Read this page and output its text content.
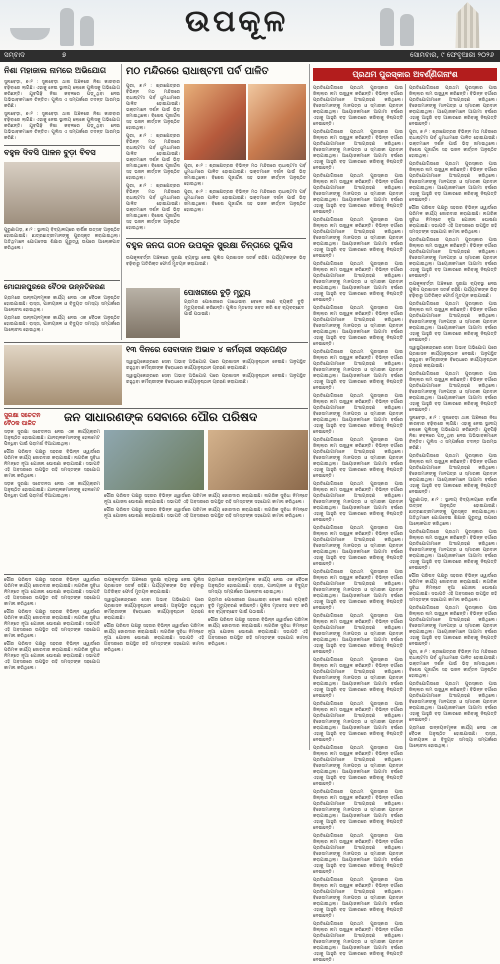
ଉପକୂଳ
ସମ୍ବାଦ	୭	ସୋମବାର, ୯ ଫେବୃଆରୀ ୨୦୨୬
ନିଶା ମହାଜାଲ ନାମରେ ଅଭିଯୋଗ

ସୁନାବେଡ଼ା, ୭।୨ : ସୁନାବେଡ଼ା ଥାନା ଅଞ୍ଚଳରେ ନିଶା କାରବାର ବଢ଼ିବାରେ ଲାଗିଛି। ଏହାକୁ ନେଇ ସ୍ଥାନୀୟ ଲୋକେ ପୁଲିସକୁ ଅଭିଯୋଗ କରିଛନ୍ତି। ଯୁବପିଢ଼ି ନିଶା କବଳରେ ପଡ଼ୁଥିବା ନେଇ ଅଭିଭାବକମାନେ ଚିନ୍ତିତ। ପୁଲିସ ଏ ସମ୍ପର୍କରେ ତଦନ୍ତ ଆରମ୍ଭ କରିଛି।

ସୁନାବେଡ଼ା, ୭।୨ : ସୁନାବେଡ଼ା ଥାନା ଅଞ୍ଚଳରେ ନିଶା କାରବାର ବଢ଼ିବାରେ ଲାଗିଛି। ଏହାକୁ ନେଇ ସ୍ଥାନୀୟ ଲୋକେ ପୁଲିସକୁ ଅଭିଯୋଗ କରିଛନ୍ତି। ଯୁବପିଢ଼ି ନିଶା କବଳରେ ପଡ଼ୁଥିବା ନେଇ ଅଭିଭାବକମାନେ ଚିନ୍ତିତ। ପୁଲିସ ଏ ସମ୍ପର୍କରେ ତଦନ୍ତ ଆରମ୍ଭ କରିଛି।

ବହୁଳ ଦିବସି ପାଳନ ବୁଡ଼ା ବିବସ

ପୁରୁଣାଗଡ଼, ୭।୨ : ସ୍ଥାନୀୟ ବିଦ୍ୟାଳୟରେ ବାର୍ଷିକ ଉତ୍ସବ ଅନୁଷ୍ଠିତ ହୋଇଯାଇଛି। ଛାତ୍ରଛାତ୍ରୀମାନଙ୍କୁ ପୁରସ୍କୃତ କରାଯାଇଥିଲା। ଅତିଥିମାନେ ଯୋଗଦେଇ ଶିକ୍ଷାର ଗୁରୁତ୍ୱ ଉପରେ ଆଲୋକପାତ କରିଥିଲେ।

ମୋଗାଳପୁରରେ ବୈଠକ ଉନ୍ନତିକରଣ

ଗ୍ରାମରେ ଉନ୍ନୟନମୂଳକ କାର୍ଯ୍ୟ ନେଇ ଏକ ବୈଠକ ଅନୁଷ୍ଠିତ ହୋଇଯାଇଛି। ରାସ୍ତା, ପାନୀୟଜଳ ଓ ବିଦ୍ୟୁତ ସମସ୍ୟା ସମ୍ପର୍କରେ ଆଲୋଚନା ହୋଇଥିଲା।

ଗ୍ରାମରେ ଉନ୍ନୟନମୂଳକ କାର୍ଯ୍ୟ ନେଇ ଏକ ବୈଠକ ଅନୁଷ୍ଠିତ ହୋଇଯାଇଛି। ରାସ୍ତା, ପାନୀୟଜଳ ଓ ବିଦ୍ୟୁତ ସମସ୍ୟା ସମ୍ପର୍କରେ ଆଲୋଚନା ହୋଇଥିଲା।

ମଠ ମନ୍ଦିରରେ ରାଧାଷ୍ଟମୀ ପର୍ବ ପାଳିତ

ପୁରୀ, ୭।୨ : ଶ୍ରୀକ୍ଷେତ୍ରର ବିଭିନ୍ନ ମଠ ମନ୍ଦିରରେ ରାଧାଷ୍ଟମୀ ପର୍ବ ଧୁମଧାମରେ ପାଳିତ ହୋଇଯାଇଛି। ଭକ୍ତମାନେ ଦର୍ଶନ ପାଇଁ ଭିଡ଼ ଜମାଇଥିଲେ। ବିଶେଷ ପୂଜାର୍ଚ୍ଚନା ସହ ଭଜନ କୀର୍ତ୍ତନ ଅନୁଷ୍ଠିତ ହୋଇଥିଲା।

ପୁରୀ, ୭।୨ : ଶ୍ରୀକ୍ଷେତ୍ରର ବିଭିନ୍ନ ମଠ ମନ୍ଦିରରେ ରାଧାଷ୍ଟମୀ ପର୍ବ ଧୁମଧାମରେ ପାଳିତ ହୋଇଯାଇଛି। ଭକ୍ତମାନେ ଦର୍ଶନ ପାଇଁ ଭିଡ଼ ଜମାଇଥିଲେ। ବିଶେଷ ପୂଜାର୍ଚ୍ଚନା ସହ ଭଜନ କୀର୍ତ୍ତନ ଅନୁଷ୍ଠିତ ହୋଇଥିଲା।

ପୁରୀ, ୭।୨ : ଶ୍ରୀକ୍ଷେତ୍ରର ବିଭିନ୍ନ ମଠ ମନ୍ଦିରରେ ରାଧାଷ୍ଟମୀ ପର୍ବ ଧୁମଧାମରେ ପାଳିତ ହୋଇଯାଇଛି। ଭକ୍ତମାନେ ଦର୍ଶନ ପାଇଁ ଭିଡ଼ ଜମାଇଥିଲେ। ବିଶେଷ ପୂଜାର୍ଚ୍ଚନା ସହ ଭଜନ କୀର୍ତ୍ତନ ଅନୁଷ୍ଠିତ ହୋଇଥିଲା।

ପୁରୀ, ୭।୨ : ଶ୍ରୀକ୍ଷେତ୍ରର ବିଭିନ୍ନ ମଠ ମନ୍ଦିରରେ ରାଧାଷ୍ଟମୀ ପର୍ବ ଧୁମଧାମରେ ପାଳିତ ହୋଇଯାଇଛି। ଭକ୍ତମାନେ ଦର୍ଶନ ପାଇଁ ଭିଡ଼ ଜମାଇଥିଲେ। ବିଶେଷ ପୂଜାର୍ଚ୍ଚନା ସହ ଭଜନ କୀର୍ତ୍ତନ ଅନୁଷ୍ଠିତ ହୋଇଥିଲା।

ପୁରୀ, ୭।୨ : ଶ୍ରୀକ୍ଷେତ୍ରର ବିଭିନ୍ନ ମଠ ମନ୍ଦିରରେ ରାଧାଷ୍ଟମୀ ପର୍ବ ଧୁମଧାମରେ ପାଳିତ ହୋଇଯାଇଛି। ଭକ୍ତମାନେ ଦର୍ଶନ ପାଇଁ ଭିଡ଼ ଜମାଇଥିଲେ। ବିଶେଷ ପୂଜାର୍ଚ୍ଚନା ସହ ଭଜନ କୀର୍ତ୍ତନ ଅନୁଷ୍ଠିତ ହୋଇଥିଲା।

ବହୁଳ ଜନତା ଗଠନ ଉପକୂଳ ସୁରକ୍ଷା ଚିନ୍ତାରେ ପୁଲିସ

ଉପକୂଳବର୍ତ୍ତୀ ଅଞ୍ଚଳରେ ସୁରକ୍ଷା ବ୍ୟବସ୍ଥା ନେଇ ପୁଲିସ ପ୍ରଶାସନ ସତର୍କ ରହିଛି। ପର୍ଯ୍ୟଟକଙ୍କ ଭିଡ଼ ବଢ଼ିବାରୁ ଅତିରିକ୍ତ ଫୋର୍ସ ମୁତୟନ କରାଯାଇଛି।

ପୋଖରୀରେ ବୁଡ଼ି ମୃତ୍ୟୁ

ଗ୍ରାମର ପୋଖରୀରେ ଗାଧୋଇବା ବେଳେ ଜଣେ ବ୍ୟକ୍ତି ବୁଡ଼ି ମୃତ୍ୟୁବରଣ କରିଛନ୍ତି। ପୁଲିସ ମୃତଦେହ ଜବତ କରି ଶବ ବ୍ୟବଚ୍ଛେଦ ପାଇଁ ପଠାଇଛି।

୧୩ ଦିନରେ ସେବାଦାନ ଅଭାବ ୪ କର୍ମଚାରୀ ସସ୍ପେଣ୍ଡ

ସ୍ୱାସ୍ଥ୍ୟକେନ୍ଦ୍ରରେ ସେବା ଅଭାବ ଅଭିଯୋଗ ପରେ ପ୍ରଶାସନ କାର୍ଯ୍ୟାନୁଷ୍ଠାନ ନେଇଛି। ଅନୁପସ୍ଥିତ ରହୁଥିବା କର୍ମଚାରୀଙ୍କ ବିରୋଧରେ କାର୍ଯ୍ୟାନୁଷ୍ଠାନ ଗ୍ରହଣ କରାଯାଇଛି।

ସ୍ୱାସ୍ଥ୍ୟକେନ୍ଦ୍ରରେ ସେବା ଅଭାବ ଅଭିଯୋଗ ପରେ ପ୍ରଶାସନ କାର୍ଯ୍ୟାନୁଷ୍ଠାନ ନେଇଛି। ଅନୁପସ୍ଥିତ ରହୁଥିବା କର୍ମଚାରୀଙ୍କ ବିରୋଧରେ କାର୍ଯ୍ୟାନୁଷ୍ଠାନ ଗ୍ରହଣ କରାଯାଇଛି।

ସୁରକ୍ଷା ସଚେତନ ବୈଠକ ପାଳିତ	ଜନ ସାଧାରଣଙ୍କ ସେବାରେ ପୌର ପରିଷଦ

ସଡ଼କ ସୁରକ୍ଷା ସଚେତନତା ନେଇ ଏକ କାର୍ଯ୍ୟକ୍ରମ ଅନୁଷ୍ଠିତ ହୋଇଯାଇଛି। ଯାନଚାଳକମାନଙ୍କୁ ହେଲମେଟ ପିନ୍ଧିବା ପାଇଁ ପରାମର୍ଶ ଦିଆଯାଇଥିଲା।

ପୌର ପରିଷଦ ପକ୍ଷରୁ ସହରର ବିଭିନ୍ନ ଓ୍ୱାର୍ଡରେ ପରିମଳ କାର୍ଯ୍ୟ ଜୋରଦାର କରାଯାଇଛି। ନାଗରିକ ସୁବିଧା ନିମନ୍ତେ ନୂଆ ଯୋଜନା ଘୋଷଣା କରାଯାଇଛି। ସଭାପତି ଏହି ଅବସରରେ ଉପସ୍ଥିତ ରହି ସମସ୍ତଙ୍କ ସହଯୋଗ କାମନା କରିଥିଲେ।

ସଡ଼କ ସୁରକ୍ଷା ସଚେତନତା ନେଇ ଏକ କାର୍ଯ୍ୟକ୍ରମ ଅନୁଷ୍ଠିତ ହୋଇଯାଇଛି। ଯାନଚାଳକମାନଙ୍କୁ ହେଲମେଟ ପିନ୍ଧିବା ପାଇଁ ପରାମର୍ଶ ଦିଆଯାଇଥିଲା।	ପୌର ପରିଷଦ ପକ୍ଷରୁ ସହରର ବିଭିନ୍ନ ଓ୍ୱାର୍ଡରେ ପରିମଳ କାର୍ଯ୍ୟ ଜୋରଦାର କରାଯାଇଛି। ନାଗରିକ ସୁବିଧା ନିମନ୍ତେ ନୂଆ ଯୋଜନା ଘୋଷଣା କରାଯାଇଛି। ସଭାପତି ଏହି ଅବସରରେ ଉପସ୍ଥିତ ରହି ସମସ୍ତଙ୍କ ସହଯୋଗ କାମନା କରିଥିଲେ।

ପୌର ପରିଷଦ ପକ୍ଷରୁ ସହରର ବିଭିନ୍ନ ଓ୍ୱାର୍ଡରେ ପରିମଳ କାର୍ଯ୍ୟ ଜୋରଦାର କରାଯାଇଛି। ନାଗରିକ ସୁବିଧା ନିମନ୍ତେ ନୂଆ ଯୋଜନା ଘୋଷଣା କରାଯାଇଛି। ସଭାପତି ଏହି ଅବସରରେ ଉପସ୍ଥିତ ରହି ସମସ୍ତଙ୍କ ସହଯୋଗ କାମନା କରିଥିଲେ।

ପୌର ପରିଷଦ ପକ୍ଷରୁ ସହରର ବିଭିନ୍ନ ଓ୍ୱାର୍ଡରେ ପରିମଳ କାର୍ଯ୍ୟ ଜୋରଦାର କରାଯାଇଛି। ନାଗରିକ ସୁବିଧା ନିମନ୍ତେ ନୂଆ ଯୋଜନା ଘୋଷଣା କରାଯାଇଛି। ସଭାପତି ଏହି ଅବସରରେ ଉପସ୍ଥିତ ରହି ସମସ୍ତଙ୍କ ସହଯୋଗ କାମନା କରିଥିଲେ।

ପୌର ପରିଷଦ ପକ୍ଷରୁ ସହରର ବିଭିନ୍ନ ଓ୍ୱାର୍ଡରେ ପରିମଳ କାର୍ଯ୍ୟ ଜୋରଦାର କରାଯାଇଛି। ନାଗରିକ ସୁବିଧା ନିମନ୍ତେ ନୂଆ ଯୋଜନା ଘୋଷଣା କରାଯାଇଛି। ସଭାପତି ଏହି ଅବସରରେ ଉପସ୍ଥିତ ରହି ସମସ୍ତଙ୍କ ସହଯୋଗ କାମନା କରିଥିଲେ।

ପୌର ପରିଷଦ ପକ୍ଷରୁ ସହରର ବିଭିନ୍ନ ଓ୍ୱାର୍ଡରେ ପରିମଳ କାର୍ଯ୍ୟ ଜୋରଦାର କରାଯାଇଛି। ନାଗରିକ ସୁବିଧା ନିମନ୍ତେ ନୂଆ ଯୋଜନା ଘୋଷଣା କରାଯାଇଛି। ସଭାପତି ଏହି ଅବସରରେ ଉପସ୍ଥିତ ରହି ସମସ୍ତଙ୍କ ସହଯୋଗ କାମନା କରିଥିଲେ।

ଉପକୂଳବର୍ତ୍ତୀ ଅଞ୍ଚଳରେ ସୁରକ୍ଷା ବ୍ୟବସ୍ଥା ନେଇ ପୁଲିସ ପ୍ରଶାସନ ସତର୍କ ରହିଛି। ପର୍ଯ୍ୟଟକଙ୍କ ଭିଡ଼ ବଢ଼ିବାରୁ ଅତିରିକ୍ତ ଫୋର୍ସ ମୁତୟନ କରାଯାଇଛି।

ସ୍ୱାସ୍ଥ୍ୟକେନ୍ଦ୍ରରେ ସେବା ଅଭାବ ଅଭିଯୋଗ ପରେ ପ୍ରଶାସନ କାର୍ଯ୍ୟାନୁଷ୍ଠାନ ନେଇଛି। ଅନୁପସ୍ଥିତ ରହୁଥିବା କର୍ମଚାରୀଙ୍କ ବିରୋଧରେ କାର୍ଯ୍ୟାନୁଷ୍ଠାନ ଗ୍ରହଣ କରାଯାଇଛି।

ପୌର ପରିଷଦ ପକ୍ଷରୁ ସହରର ବିଭିନ୍ନ ଓ୍ୱାର୍ଡରେ ପରିମଳ କାର୍ଯ୍ୟ ଜୋରଦାର କରାଯାଇଛି। ନାଗରିକ ସୁବିଧା ନିମନ୍ତେ ନୂଆ ଯୋଜନା ଘୋଷଣା କରାଯାଇଛି। ସଭାପତି ଏହି ଅବସରରେ ଉପସ୍ଥିତ ରହି ସମସ୍ତଙ୍କ ସହଯୋଗ କାମନା କରିଥିଲେ।

ଗ୍ରାମରେ ଉନ୍ନୟନମୂଳକ କାର୍ଯ୍ୟ ନେଇ ଏକ ବୈଠକ ଅନୁଷ୍ଠିତ ହୋଇଯାଇଛି। ରାସ୍ତା, ପାନୀୟଜଳ ଓ ବିଦ୍ୟୁତ ସମସ୍ୟା ସମ୍ପର୍କରେ ଆଲୋଚନା ହୋଇଥିଲା।

ଗ୍ରାମର ପୋଖରୀରେ ଗାଧୋଇବା ବେଳେ ଜଣେ ବ୍ୟକ୍ତି ବୁଡ଼ି ମୃତ୍ୟୁବରଣ କରିଛନ୍ତି। ପୁଲିସ ମୃତଦେହ ଜବତ କରି ଶବ ବ୍ୟବଚ୍ଛେଦ ପାଇଁ ପଠାଇଛି।

ପୌର ପରିଷଦ ପକ୍ଷରୁ ସହରର ବିଭିନ୍ନ ଓ୍ୱାର୍ଡରେ ପରିମଳ କାର୍ଯ୍ୟ ଜୋରଦାର କରାଯାଇଛି। ନାଗରିକ ସୁବିଧା ନିମନ୍ତେ ନୂଆ ଯୋଜନା ଘୋଷଣା କରାଯାଇଛି। ସଭାପତି ଏହି ଅବସରରେ ଉପସ୍ଥିତ ରହି ସମସ୍ତଙ୍କ ସହଯୋଗ କାମନା କରିଥିଲେ।

ପ୍ରଥମ ପୁରସ୍କାର ଅବର୍ଣ୍ଣିଗନାଂଶ

ପ୍ରତିଯୋଗିତାରେ ପ୍ରଥମ ପୁରସ୍କାର ପାଇ ଜିଲ୍ଲାର ନାମ ଉଜ୍ଜ୍ୱଳ କରିଛନ୍ତି। ବିଭିନ୍ନ ବର୍ଗରେ ପ୍ରତିଯୋଗୀମାନେ ଅଂଶଗ୍ରହଣ କରିଥିଲେ। ବିଜେତାମାନଙ୍କୁ ମାନପତ୍ର ଓ ସ୍ମାରକୀ ପ୍ରଦାନ କରାଯାଇଥିଲା। ଆୟୋଜକମାନେ ଆଗାମୀ ବର୍ଷରେ ଏହାକୁ ଆହୁରି ବଡ଼ ଆକାରରେ କରିବାକୁ ନିଷ୍ପତ୍ତି ନେଇଛନ୍ତି।

ପ୍ରତିଯୋଗିତାରେ ପ୍ରଥମ ପୁରସ୍କାର ପାଇ ଜିଲ୍ଲାର ନାମ ଉଜ୍ଜ୍ୱଳ କରିଛନ୍ତି। ବିଭିନ୍ନ ବର୍ଗରେ ପ୍ରତିଯୋଗୀମାନେ ଅଂଶଗ୍ରହଣ କରିଥିଲେ। ବିଜେତାମାନଙ୍କୁ ମାନପତ୍ର ଓ ସ୍ମାରକୀ ପ୍ରଦାନ କରାଯାଇଥିଲା। ଆୟୋଜକମାନେ ଆଗାମୀ ବର୍ଷରେ ଏହାକୁ ଆହୁରି ବଡ଼ ଆକାରରେ କରିବାକୁ ନିଷ୍ପତ୍ତି ନେଇଛନ୍ତି।

ପ୍ରତିଯୋଗିତାରେ ପ୍ରଥମ ପୁରସ୍କାର ପାଇ ଜିଲ୍ଲାର ନାମ ଉଜ୍ଜ୍ୱଳ କରିଛନ୍ତି। ବିଭିନ୍ନ ବର୍ଗରେ ପ୍ରତିଯୋଗୀମାନେ ଅଂଶଗ୍ରହଣ କରିଥିଲେ। ବିଜେତାମାନଙ୍କୁ ମାନପତ୍ର ଓ ସ୍ମାରକୀ ପ୍ରଦାନ କରାଯାଇଥିଲା। ଆୟୋଜକମାନେ ଆଗାମୀ ବର୍ଷରେ ଏହାକୁ ଆହୁରି ବଡ଼ ଆକାରରେ କରିବାକୁ ନିଷ୍ପତ୍ତି ନେଇଛନ୍ତି।

ପ୍ରତିଯୋଗିତାରେ ପ୍ରଥମ ପୁରସ୍କାର ପାଇ ଜିଲ୍ଲାର ନାମ ଉଜ୍ଜ୍ୱଳ କରିଛନ୍ତି। ବିଭିନ୍ନ ବର୍ଗରେ ପ୍ରତିଯୋଗୀମାନେ ଅଂଶଗ୍ରହଣ କରିଥିଲେ। ବିଜେତାମାନଙ୍କୁ ମାନପତ୍ର ଓ ସ୍ମାରକୀ ପ୍ରଦାନ କରାଯାଇଥିଲା। ଆୟୋଜକମାନେ ଆଗାମୀ ବର୍ଷରେ ଏହାକୁ ଆହୁରି ବଡ଼ ଆକାରରେ କରିବାକୁ ନିଷ୍ପତ୍ତି ନେଇଛନ୍ତି।

ପ୍ରତିଯୋଗିତାରେ ପ୍ରଥମ ପୁରସ୍କାର ପାଇ ଜିଲ୍ଲାର ନାମ ଉଜ୍ଜ୍ୱଳ କରିଛନ୍ତି। ବିଭିନ୍ନ ବର୍ଗରେ ପ୍ରତିଯୋଗୀମାନେ ଅଂଶଗ୍ରହଣ କରିଥିଲେ। ବିଜେତାମାନଙ୍କୁ ମାନପତ୍ର ଓ ସ୍ମାରକୀ ପ୍ରଦାନ କରାଯାଇଥିଲା। ଆୟୋଜକମାନେ ଆଗାମୀ ବର୍ଷରେ ଏହାକୁ ଆହୁରି ବଡ଼ ଆକାରରେ କରିବାକୁ ନିଷ୍ପତ୍ତି ନେଇଛନ୍ତି।

ପ୍ରତିଯୋଗିତାରେ ପ୍ରଥମ ପୁରସ୍କାର ପାଇ ଜିଲ୍ଲାର ନାମ ଉଜ୍ଜ୍ୱଳ କରିଛନ୍ତି। ବିଭିନ୍ନ ବର୍ଗରେ ପ୍ରତିଯୋଗୀମାନେ ଅଂଶଗ୍ରହଣ କରିଥିଲେ। ବିଜେତାମାନଙ୍କୁ ମାନପତ୍ର ଓ ସ୍ମାରକୀ ପ୍ରଦାନ କରାଯାଇଥିଲା। ଆୟୋଜକମାନେ ଆଗାମୀ ବର୍ଷରେ ଏହାକୁ ଆହୁରି ବଡ଼ ଆକାରରେ କରିବାକୁ ନିଷ୍ପତ୍ତି ନେଇଛନ୍ତି।

ପ୍ରତିଯୋଗିତାରେ ପ୍ରଥମ ପୁରସ୍କାର ପାଇ ଜିଲ୍ଲାର ନାମ ଉଜ୍ଜ୍ୱଳ କରିଛନ୍ତି। ବିଭିନ୍ନ ବର୍ଗରେ ପ୍ରତିଯୋଗୀମାନେ ଅଂଶଗ୍ରହଣ କରିଥିଲେ। ବିଜେତାମାନଙ୍କୁ ମାନପତ୍ର ଓ ସ୍ମାରକୀ ପ୍ରଦାନ କରାଯାଇଥିଲା। ଆୟୋଜକମାନେ ଆଗାମୀ ବର୍ଷରେ ଏହାକୁ ଆହୁରି ବଡ଼ ଆକାରରେ କରିବାକୁ ନିଷ୍ପତ୍ତି ନେଇଛନ୍ତି।

ପ୍ରତିଯୋଗିତାରେ ପ୍ରଥମ ପୁରସ୍କାର ପାଇ ଜିଲ୍ଲାର ନାମ ଉଜ୍ଜ୍ୱଳ କରିଛନ୍ତି। ବିଭିନ୍ନ ବର୍ଗରେ ପ୍ରତିଯୋଗୀମାନେ ଅଂଶଗ୍ରହଣ କରିଥିଲେ। ବିଜେତାମାନଙ୍କୁ ମାନପତ୍ର ଓ ସ୍ମାରକୀ ପ୍ରଦାନ କରାଯାଇଥିଲା। ଆୟୋଜକମାନେ ଆଗାମୀ ବର୍ଷରେ ଏହାକୁ ଆହୁରି ବଡ଼ ଆକାରରେ କରିବାକୁ ନିଷ୍ପତ୍ତି ନେଇଛନ୍ତି।

ପ୍ରତିଯୋଗିତାରେ ପ୍ରଥମ ପୁରସ୍କାର ପାଇ ଜିଲ୍ଲାର ନାମ ଉଜ୍ଜ୍ୱଳ କରିଛନ୍ତି। ବିଭିନ୍ନ ବର୍ଗରେ ପ୍ରତିଯୋଗୀମାନେ ଅଂଶଗ୍ରହଣ କରିଥିଲେ। ବିଜେତାମାନଙ୍କୁ ମାନପତ୍ର ଓ ସ୍ମାରକୀ ପ୍ରଦାନ କରାଯାଇଥିଲା। ଆୟୋଜକମାନେ ଆଗାମୀ ବର୍ଷରେ ଏହାକୁ ଆହୁରି ବଡ଼ ଆକାରରେ କରିବାକୁ ନିଷ୍ପତ୍ତି ନେଇଛନ୍ତି।

ପ୍ରତିଯୋଗିତାରେ ପ୍ରଥମ ପୁରସ୍କାର ପାଇ ଜିଲ୍ଲାର ନାମ ଉଜ୍ଜ୍ୱଳ କରିଛନ୍ତି। ବିଭିନ୍ନ ବର୍ଗରେ ପ୍ରତିଯୋଗୀମାନେ ଅଂଶଗ୍ରହଣ କରିଥିଲେ। ବିଜେତାମାନଙ୍କୁ ମାନପତ୍ର ଓ ସ୍ମାରକୀ ପ୍ରଦାନ କରାଯାଇଥିଲା। ଆୟୋଜକମାନେ ଆଗାମୀ ବର୍ଷରେ ଏହାକୁ ଆହୁରି ବଡ଼ ଆକାରରେ କରିବାକୁ ନିଷ୍ପତ୍ତି ନେଇଛନ୍ତି।

ପ୍ରତିଯୋଗିତାରେ ପ୍ରଥମ ପୁରସ୍କାର ପାଇ ଜିଲ୍ଲାର ନାମ ଉଜ୍ଜ୍ୱଳ କରିଛନ୍ତି। ବିଭିନ୍ନ ବର୍ଗରେ ପ୍ରତିଯୋଗୀମାନେ ଅଂଶଗ୍ରହଣ କରିଥିଲେ। ବିଜେତାମାନଙ୍କୁ ମାନପତ୍ର ଓ ସ୍ମାରକୀ ପ୍ରଦାନ କରାଯାଇଥିଲା। ଆୟୋଜକମାନେ ଆଗାମୀ ବର୍ଷରେ ଏହାକୁ ଆହୁରି ବଡ଼ ଆକାରରେ କରିବାକୁ ନିଷ୍ପତ୍ତି ନେଇଛନ୍ତି।

ପ୍ରତିଯୋଗିତାରେ ପ୍ରଥମ ପୁରସ୍କାର ପାଇ ଜିଲ୍ଲାର ନାମ ଉଜ୍ଜ୍ୱଳ କରିଛନ୍ତି। ବିଭିନ୍ନ ବର୍ଗରେ ପ୍ରତିଯୋଗୀମାନେ ଅଂଶଗ୍ରହଣ କରିଥିଲେ। ବିଜେତାମାନଙ୍କୁ ମାନପତ୍ର ଓ ସ୍ମାରକୀ ପ୍ରଦାନ କରାଯାଇଥିଲା। ଆୟୋଜକମାନେ ଆଗାମୀ ବର୍ଷରେ ଏହାକୁ ଆହୁରି ବଡ଼ ଆକାରରେ କରିବାକୁ ନିଷ୍ପତ୍ତି ନେଇଛନ୍ତି।

ପ୍ରତିଯୋଗିତାରେ ପ୍ରଥମ ପୁରସ୍କାର ପାଇ ଜିଲ୍ଲାର ନାମ ଉଜ୍ଜ୍ୱଳ କରିଛନ୍ତି। ବିଭିନ୍ନ ବର୍ଗରେ ପ୍ରତିଯୋଗୀମାନେ ଅଂଶଗ୍ରହଣ କରିଥିଲେ। ବିଜେତାମାନଙ୍କୁ ମାନପତ୍ର ଓ ସ୍ମାରକୀ ପ୍ରଦାନ କରାଯାଇଥିଲା। ଆୟୋଜକମାନେ ଆଗାମୀ ବର୍ଷରେ ଏହାକୁ ଆହୁରି ବଡ଼ ଆକାରରେ କରିବାକୁ ନିଷ୍ପତ୍ତି ନେଇଛନ୍ତି।

ପ୍ରତିଯୋଗିତାରେ ପ୍ରଥମ ପୁରସ୍କାର ପାଇ ଜିଲ୍ଲାର ନାମ ଉଜ୍ଜ୍ୱଳ କରିଛନ୍ତି। ବିଭିନ୍ନ ବର୍ଗରେ ପ୍ରତିଯୋଗୀମାନେ ଅଂଶଗ୍ରହଣ କରିଥିଲେ। ବିଜେତାମାନଙ୍କୁ ମାନପତ୍ର ଓ ସ୍ମାରକୀ ପ୍ରଦାନ କରାଯାଇଥିଲା। ଆୟୋଜକମାନେ ଆଗାମୀ ବର୍ଷରେ ଏହାକୁ ଆହୁରି ବଡ଼ ଆକାରରେ କରିବାକୁ ନିଷ୍ପତ୍ତି ନେଇଛନ୍ତି।

ପ୍ରତିଯୋଗିତାରେ ପ୍ରଥମ ପୁରସ୍କାର ପାଇ ଜିଲ୍ଲାର ନାମ ଉଜ୍ଜ୍ୱଳ କରିଛନ୍ତି। ବିଭିନ୍ନ ବର୍ଗରେ ପ୍ରତିଯୋଗୀମାନେ ଅଂଶଗ୍ରହଣ କରିଥିଲେ। ବିଜେତାମାନଙ୍କୁ ମାନପତ୍ର ଓ ସ୍ମାରକୀ ପ୍ରଦାନ କରାଯାଇଥିଲା। ଆୟୋଜକମାନେ ଆଗାମୀ ବର୍ଷରେ ଏହାକୁ ଆହୁରି ବଡ଼ ଆକାରରେ କରିବାକୁ ନିଷ୍ପତ୍ତି ନେଇଛନ୍ତି।

ପ୍ରତିଯୋଗିତାରେ ପ୍ରଥମ ପୁରସ୍କାର ପାଇ ଜିଲ୍ଲାର ନାମ ଉଜ୍ଜ୍ୱଳ କରିଛନ୍ତି। ବିଭିନ୍ନ ବର୍ଗରେ ପ୍ରତିଯୋଗୀମାନେ ଅଂଶଗ୍ରହଣ କରିଥିଲେ। ବିଜେତାମାନଙ୍କୁ ମାନପତ୍ର ଓ ସ୍ମାରକୀ ପ୍ରଦାନ କରାଯାଇଥିଲା। ଆୟୋଜକମାନେ ଆଗାମୀ ବର୍ଷରେ ଏହାକୁ ଆହୁରି ବଡ଼ ଆକାରରେ କରିବାକୁ ନିଷ୍ପତ୍ତି ନେଇଛନ୍ତି।

ପ୍ରତିଯୋଗିତାରେ ପ୍ରଥମ ପୁରସ୍କାର ପାଇ ଜିଲ୍ଲାର ନାମ ଉଜ୍ଜ୍ୱଳ କରିଛନ୍ତି। ବିଭିନ୍ନ ବର୍ଗରେ ପ୍ରତିଯୋଗୀମାନେ ଅଂଶଗ୍ରହଣ କରିଥିଲେ। ବିଜେତାମାନଙ୍କୁ ମାନପତ୍ର ଓ ସ୍ମାରକୀ ପ୍ରଦାନ କରାଯାଇଥିଲା। ଆୟୋଜକମାନେ ଆଗାମୀ ବର୍ଷରେ ଏହାକୁ ଆହୁରି ବଡ଼ ଆକାରରେ କରିବାକୁ ନିଷ୍ପତ୍ତି ନେଇଛନ୍ତି।

ପ୍ରତିଯୋଗିତାରେ ପ୍ରଥମ ପୁରସ୍କାର ପାଇ ଜିଲ୍ଲାର ନାମ ଉଜ୍ଜ୍ୱଳ କରିଛନ୍ତି। ବିଭିନ୍ନ ବର୍ଗରେ ପ୍ରତିଯୋଗୀମାନେ ଅଂଶଗ୍ରହଣ କରିଥିଲେ। ବିଜେତାମାନଙ୍କୁ ମାନପତ୍ର ଓ ସ୍ମାରକୀ ପ୍ରଦାନ କରାଯାଇଥିଲା। ଆୟୋଜକମାନେ ଆଗାମୀ ବର୍ଷରେ ଏହାକୁ ଆହୁରି ବଡ଼ ଆକାରରେ କରିବାକୁ ନିଷ୍ପତ୍ତି ନେଇଛନ୍ତି।

ପ୍ରତିଯୋଗିତାରେ ପ୍ରଥମ ପୁରସ୍କାର ପାଇ ଜିଲ୍ଲାର ନାମ ଉଜ୍ଜ୍ୱଳ କରିଛନ୍ତି। ବିଭିନ୍ନ ବର୍ଗରେ ପ୍ରତିଯୋଗୀମାନେ ଅଂଶଗ୍ରହଣ କରିଥିଲେ। ବିଜେତାମାନଙ୍କୁ ମାନପତ୍ର ଓ ସ୍ମାରକୀ ପ୍ରଦାନ କରାଯାଇଥିଲା। ଆୟୋଜକମାନେ ଆଗାମୀ ବର୍ଷରେ ଏହାକୁ ଆହୁରି ବଡ଼ ଆକାରରେ କରିବାକୁ ନିଷ୍ପତ୍ତି ନେଇଛନ୍ତି।

ପ୍ରତିଯୋଗିତାରେ ପ୍ରଥମ ପୁରସ୍କାର ପାଇ ଜିଲ୍ଲାର ନାମ ଉଜ୍ଜ୍ୱଳ କରିଛନ୍ତି। ବିଭିନ୍ନ ବର୍ଗରେ ପ୍ରତିଯୋଗୀମାନେ ଅଂଶଗ୍ରହଣ କରିଥିଲେ। ବିଜେତାମାନଙ୍କୁ ମାନପତ୍ର ଓ ସ୍ମାରକୀ ପ୍ରଦାନ କରାଯାଇଥିଲା। ଆୟୋଜକମାନେ ଆଗାମୀ ବର୍ଷରେ ଏହାକୁ ଆହୁରି ବଡ଼ ଆକାରରେ କରିବାକୁ ନିଷ୍ପତ୍ତି ନେଇଛନ୍ତି।

ପ୍ରତିଯୋଗିତାରେ ପ୍ରଥମ ପୁରସ୍କାର ପାଇ ଜିଲ୍ଲାର ନାମ ଉଜ୍ଜ୍ୱଳ କରିଛନ୍ତି। ବିଭିନ୍ନ ବର୍ଗରେ ପ୍ରତିଯୋଗୀମାନେ ଅଂଶଗ୍ରହଣ କରିଥିଲେ। ବିଜେତାମାନଙ୍କୁ ମାନପତ୍ର ଓ ସ୍ମାରକୀ ପ୍ରଦାନ କରାଯାଇଥିଲା। ଆୟୋଜକମାନେ ଆଗାମୀ ବର୍ଷରେ ଏହାକୁ ଆହୁରି ବଡ଼ ଆକାରରେ କରିବାକୁ ନିଷ୍ପତ୍ତି ନେଇଛନ୍ତି।

ପୁରୀ, ୭।୨ : ଶ୍ରୀକ୍ଷେତ୍ରର ବିଭିନ୍ନ ମଠ ମନ୍ଦିରରେ ରାଧାଷ୍ଟମୀ ପର୍ବ ଧୁମଧାମରେ ପାଳିତ ହୋଇଯାଇଛି। ଭକ୍ତମାନେ ଦର୍ଶନ ପାଇଁ ଭିଡ଼ ଜମାଇଥିଲେ। ବିଶେଷ ପୂଜାର୍ଚ୍ଚନା ସହ ଭଜନ କୀର୍ତ୍ତନ ଅନୁଷ୍ଠିତ ହୋଇଥିଲା।

ପ୍ରତିଯୋଗିତାରେ ପ୍ରଥମ ପୁରସ୍କାର ପାଇ ଜିଲ୍ଲାର ନାମ ଉଜ୍ଜ୍ୱଳ କରିଛନ୍ତି। ବିଭିନ୍ନ ବର୍ଗରେ ପ୍ରତିଯୋଗୀମାନେ ଅଂଶଗ୍ରହଣ କରିଥିଲେ। ବିଜେତାମାନଙ୍କୁ ମାନପତ୍ର ଓ ସ୍ମାରକୀ ପ୍ରଦାନ କରାଯାଇଥିଲା। ଆୟୋଜକମାନେ ଆଗାମୀ ବର୍ଷରେ ଏହାକୁ ଆହୁରି ବଡ଼ ଆକାରରେ କରିବାକୁ ନିଷ୍ପତ୍ତି ନେଇଛନ୍ତି।

ପୌର ପରିଷଦ ପକ୍ଷରୁ ସହରର ବିଭିନ୍ନ ଓ୍ୱାର୍ଡରେ ପରିମଳ କାର୍ଯ୍ୟ ଜୋରଦାର କରାଯାଇଛି। ନାଗରିକ ସୁବିଧା ନିମନ୍ତେ ନୂଆ ଯୋଜନା ଘୋଷଣା କରାଯାଇଛି। ସଭାପତି ଏହି ଅବସରରେ ଉପସ୍ଥିତ ରହି ସମସ୍ତଙ୍କ ସହଯୋଗ କାମନା କରିଥିଲେ।

ପ୍ରତିଯୋଗିତାରେ ପ୍ରଥମ ପୁରସ୍କାର ପାଇ ଜିଲ୍ଲାର ନାମ ଉଜ୍ଜ୍ୱଳ କରିଛନ୍ତି। ବିଭିନ୍ନ ବର୍ଗରେ ପ୍ରତିଯୋଗୀମାନେ ଅଂଶଗ୍ରହଣ କରିଥିଲେ। ବିଜେତାମାନଙ୍କୁ ମାନପତ୍ର ଓ ସ୍ମାରକୀ ପ୍ରଦାନ କରାଯାଇଥିଲା। ଆୟୋଜକମାନେ ଆଗାମୀ ବର୍ଷରେ ଏହାକୁ ଆହୁରି ବଡ଼ ଆକାରରେ କରିବାକୁ ନିଷ୍ପତ୍ତି ନେଇଛନ୍ତି।

ଉପକୂଳବର୍ତ୍ତୀ ଅଞ୍ଚଳରେ ସୁରକ୍ଷା ବ୍ୟବସ୍ଥା ନେଇ ପୁଲିସ ପ୍ରଶାସନ ସତର୍କ ରହିଛି। ପର୍ଯ୍ୟଟକଙ୍କ ଭିଡ଼ ବଢ଼ିବାରୁ ଅତିରିକ୍ତ ଫୋର୍ସ ମୁତୟନ କରାଯାଇଛି।

ପ୍ରତିଯୋଗିତାରେ ପ୍ରଥମ ପୁରସ୍କାର ପାଇ ଜିଲ୍ଲାର ନାମ ଉଜ୍ଜ୍ୱଳ କରିଛନ୍ତି। ବିଭିନ୍ନ ବର୍ଗରେ ପ୍ରତିଯୋଗୀମାନେ ଅଂଶଗ୍ରହଣ କରିଥିଲେ। ବିଜେତାମାନଙ୍କୁ ମାନପତ୍ର ଓ ସ୍ମାରକୀ ପ୍ରଦାନ କରାଯାଇଥିଲା। ଆୟୋଜକମାନେ ଆଗାମୀ ବର୍ଷରେ ଏହାକୁ ଆହୁରି ବଡ଼ ଆକାରରେ କରିବାକୁ ନିଷ୍ପତ୍ତି ନେଇଛନ୍ତି।

ସ୍ୱାସ୍ଥ୍ୟକେନ୍ଦ୍ରରେ ସେବା ଅଭାବ ଅଭିଯୋଗ ପରେ ପ୍ରଶାସନ କାର୍ଯ୍ୟାନୁଷ୍ଠାନ ନେଇଛି। ଅନୁପସ୍ଥିତ ରହୁଥିବା କର୍ମଚାରୀଙ୍କ ବିରୋଧରେ କାର୍ଯ୍ୟାନୁଷ୍ଠାନ ଗ୍ରହଣ କରାଯାଇଛି।

ପ୍ରତିଯୋଗିତାରେ ପ୍ରଥମ ପୁରସ୍କାର ପାଇ ଜିଲ୍ଲାର ନାମ ଉଜ୍ଜ୍ୱଳ କରିଛନ୍ତି। ବିଭିନ୍ନ ବର୍ଗରେ ପ୍ରତିଯୋଗୀମାନେ ଅଂଶଗ୍ରହଣ କରିଥିଲେ। ବିଜେତାମାନଙ୍କୁ ମାନପତ୍ର ଓ ସ୍ମାରକୀ ପ୍ରଦାନ କରାଯାଇଥିଲା। ଆୟୋଜକମାନେ ଆଗାମୀ ବର୍ଷରେ ଏହାକୁ ଆହୁରି ବଡ଼ ଆକାରରେ କରିବାକୁ ନିଷ୍ପତ୍ତି ନେଇଛନ୍ତି।

ସୁନାବେଡ଼ା, ୭।୨ : ସୁନାବେଡ଼ା ଥାନା ଅଞ୍ଚଳରେ ନିଶା କାରବାର ବଢ଼ିବାରେ ଲାଗିଛି। ଏହାକୁ ନେଇ ସ୍ଥାନୀୟ ଲୋକେ ପୁଲିସକୁ ଅଭିଯୋଗ କରିଛନ୍ତି। ଯୁବପିଢ଼ି ନିଶା କବଳରେ ପଡ଼ୁଥିବା ନେଇ ଅଭିଭାବକମାନେ ଚିନ୍ତିତ। ପୁଲିସ ଏ ସମ୍ପର୍କରେ ତଦନ୍ତ ଆରମ୍ଭ କରିଛି।

ପ୍ରତିଯୋଗିତାରେ ପ୍ରଥମ ପୁରସ୍କାର ପାଇ ଜିଲ୍ଲାର ନାମ ଉଜ୍ଜ୍ୱଳ କରିଛନ୍ତି। ବିଭିନ୍ନ ବର୍ଗରେ ପ୍ରତିଯୋଗୀମାନେ ଅଂଶଗ୍ରହଣ କରିଥିଲେ। ବିଜେତାମାନଙ୍କୁ ମାନପତ୍ର ଓ ସ୍ମାରକୀ ପ୍ରଦାନ କରାଯାଇଥିଲା। ଆୟୋଜକମାନେ ଆଗାମୀ ବର୍ଷରେ ଏହାକୁ ଆହୁରି ବଡ଼ ଆକାରରେ କରିବାକୁ ନିଷ୍ପତ୍ତି ନେଇଛନ୍ତି।

ପୁରୁଣାଗଡ଼, ୭।୨ : ସ୍ଥାନୀୟ ବିଦ୍ୟାଳୟରେ ବାର୍ଷିକ ଉତ୍ସବ ଅନୁଷ୍ଠିତ ହୋଇଯାଇଛି। ଛାତ୍ରଛାତ୍ରୀମାନଙ୍କୁ ପୁରସ୍କୃତ କରାଯାଇଥିଲା। ଅତିଥିମାନେ ଯୋଗଦେଇ ଶିକ୍ଷାର ଗୁରୁତ୍ୱ ଉପରେ ଆଲୋକପାତ କରିଥିଲେ।

ପ୍ରତିଯୋଗିତାରେ ପ୍ରଥମ ପୁରସ୍କାର ପାଇ ଜିଲ୍ଲାର ନାମ ଉଜ୍ଜ୍ୱଳ କରିଛନ୍ତି। ବିଭିନ୍ନ ବର୍ଗରେ ପ୍ରତିଯୋଗୀମାନେ ଅଂଶଗ୍ରହଣ କରିଥିଲେ। ବିଜେତାମାନଙ୍କୁ ମାନପତ୍ର ଓ ସ୍ମାରକୀ ପ୍ରଦାନ କରାଯାଇଥିଲା। ଆୟୋଜକମାନେ ଆଗାମୀ ବର୍ଷରେ ଏହାକୁ ଆହୁରି ବଡ଼ ଆକାରରେ କରିବାକୁ ନିଷ୍ପତ୍ତି ନେଇଛନ୍ତି।

ପୌର ପରିଷଦ ପକ୍ଷରୁ ସହରର ବିଭିନ୍ନ ଓ୍ୱାର୍ଡରେ ପରିମଳ କାର୍ଯ୍ୟ ଜୋରଦାର କରାଯାଇଛି। ନାଗରିକ ସୁବିଧା ନିମନ୍ତେ ନୂଆ ଯୋଜନା ଘୋଷଣା କରାଯାଇଛି। ସଭାପତି ଏହି ଅବସରରେ ଉପସ୍ଥିତ ରହି ସମସ୍ତଙ୍କ ସହଯୋଗ କାମନା କରିଥିଲେ।

ପ୍ରତିଯୋଗିତାରେ ପ୍ରଥମ ପୁରସ୍କାର ପାଇ ଜିଲ୍ଲାର ନାମ ଉଜ୍ଜ୍ୱଳ କରିଛନ୍ତି। ବିଭିନ୍ନ ବର୍ଗରେ ପ୍ରତିଯୋଗୀମାନେ ଅଂଶଗ୍ରହଣ କରିଥିଲେ। ବିଜେତାମାନଙ୍କୁ ମାନପତ୍ର ଓ ସ୍ମାରକୀ ପ୍ରଦାନ କରାଯାଇଥିଲା। ଆୟୋଜକମାନେ ଆଗାମୀ ବର୍ଷରେ ଏହାକୁ ଆହୁରି ବଡ଼ ଆକାରରେ କରିବାକୁ ନିଷ୍ପତ୍ତି ନେଇଛନ୍ତି।

ପୁରୀ, ୭।୨ : ଶ୍ରୀକ୍ଷେତ୍ରର ବିଭିନ୍ନ ମଠ ମନ୍ଦିରରେ ରାଧାଷ୍ଟମୀ ପର୍ବ ଧୁମଧାମରେ ପାଳିତ ହୋଇଯାଇଛି। ଭକ୍ତମାନେ ଦର୍ଶନ ପାଇଁ ଭିଡ଼ ଜମାଇଥିଲେ। ବିଶେଷ ପୂଜାର୍ଚ୍ଚନା ସହ ଭଜନ କୀର୍ତ୍ତନ ଅନୁଷ୍ଠିତ ହୋଇଥିଲା।

ପ୍ରତିଯୋଗିତାରେ ପ୍ରଥମ ପୁରସ୍କାର ପାଇ ଜିଲ୍ଲାର ନାମ ଉଜ୍ଜ୍ୱଳ କରିଛନ୍ତି। ବିଭିନ୍ନ ବର୍ଗରେ ପ୍ରତିଯୋଗୀମାନେ ଅଂଶଗ୍ରହଣ କରିଥିଲେ। ବିଜେତାମାନଙ୍କୁ ମାନପତ୍ର ଓ ସ୍ମାରକୀ ପ୍ରଦାନ କରାଯାଇଥିଲା। ଆୟୋଜକମାନେ ଆଗାମୀ ବର୍ଷରେ ଏହାକୁ ଆହୁରି ବଡ଼ ଆକାରରେ କରିବାକୁ ନିଷ୍ପତ୍ତି ନେଇଛନ୍ତି।

ଗ୍ରାମରେ ଉନ୍ନୟନମୂଳକ କାର୍ଯ୍ୟ ନେଇ ଏକ ବୈଠକ ଅନୁଷ୍ଠିତ ହୋଇଯାଇଛି। ରାସ୍ତା, ପାନୀୟଜଳ ଓ ବିଦ୍ୟୁତ ସମସ୍ୟା ସମ୍ପର୍କରେ ଆଲୋଚନା ହୋଇଥିଲା।
